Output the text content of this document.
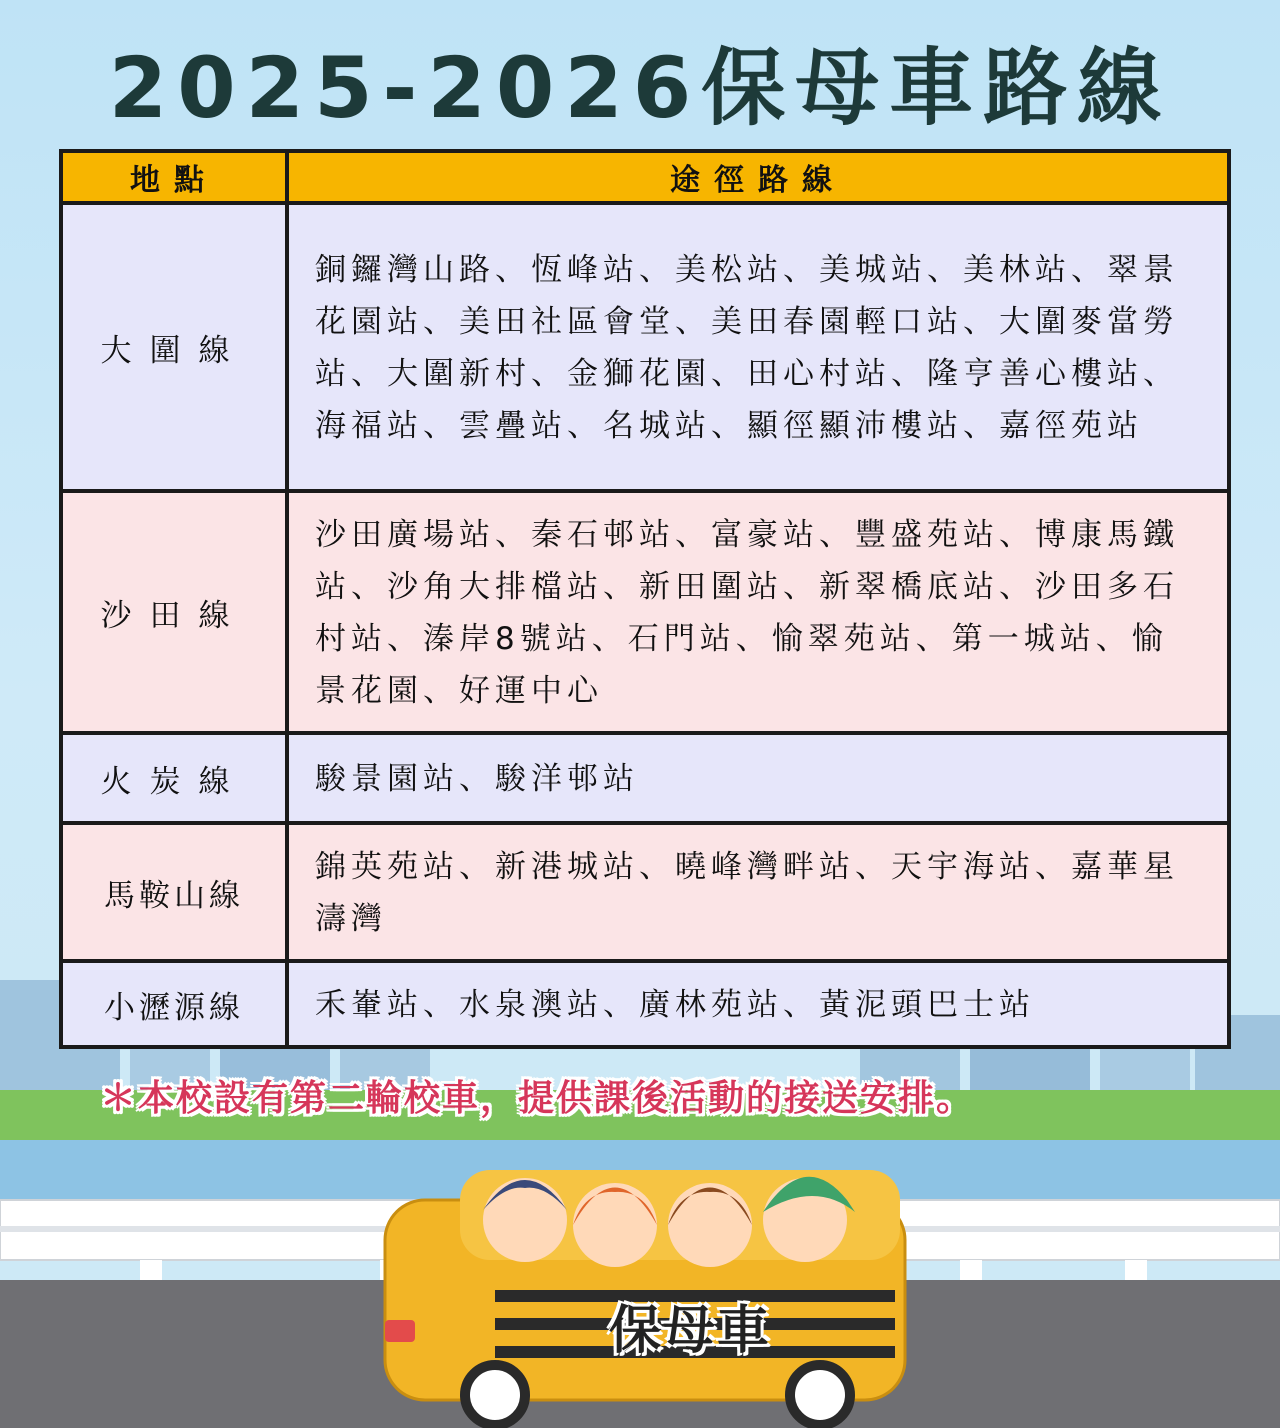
2025-2026保母車路線
地點	途徑路線
大圍線	銅鑼灣山路、恆峰站、美松站、美城站、美林站、翠景花園站、美田社區會堂、美田春園輕口站、大圍麥當勞站、大圍新村、金獅花園、田心村站、隆亨善心樓站、海福站、雲疊站、名城站、顯徑顯沛樓站、嘉徑苑站
沙田線	沙田廣場站、秦石邨站、富豪站、豐盛苑站、博康馬鐵站、沙角大排檔站、新田圍站、新翠橋底站、沙田多石村站、溱岸8號站、石門站、愉翠苑站、第一城站、愉景花園、好運中心
火炭線	駿景園站、駿洋邨站
馬鞍山線	錦英苑站、新港城站、曉峰灣畔站、天宇海站、嘉華星濤灣
小瀝源線	禾輋站、水泉澳站、廣林苑站、黃泥頭巴士站
＊本校設有第二輪校車，提供課後活動的接送安排。
保母車
